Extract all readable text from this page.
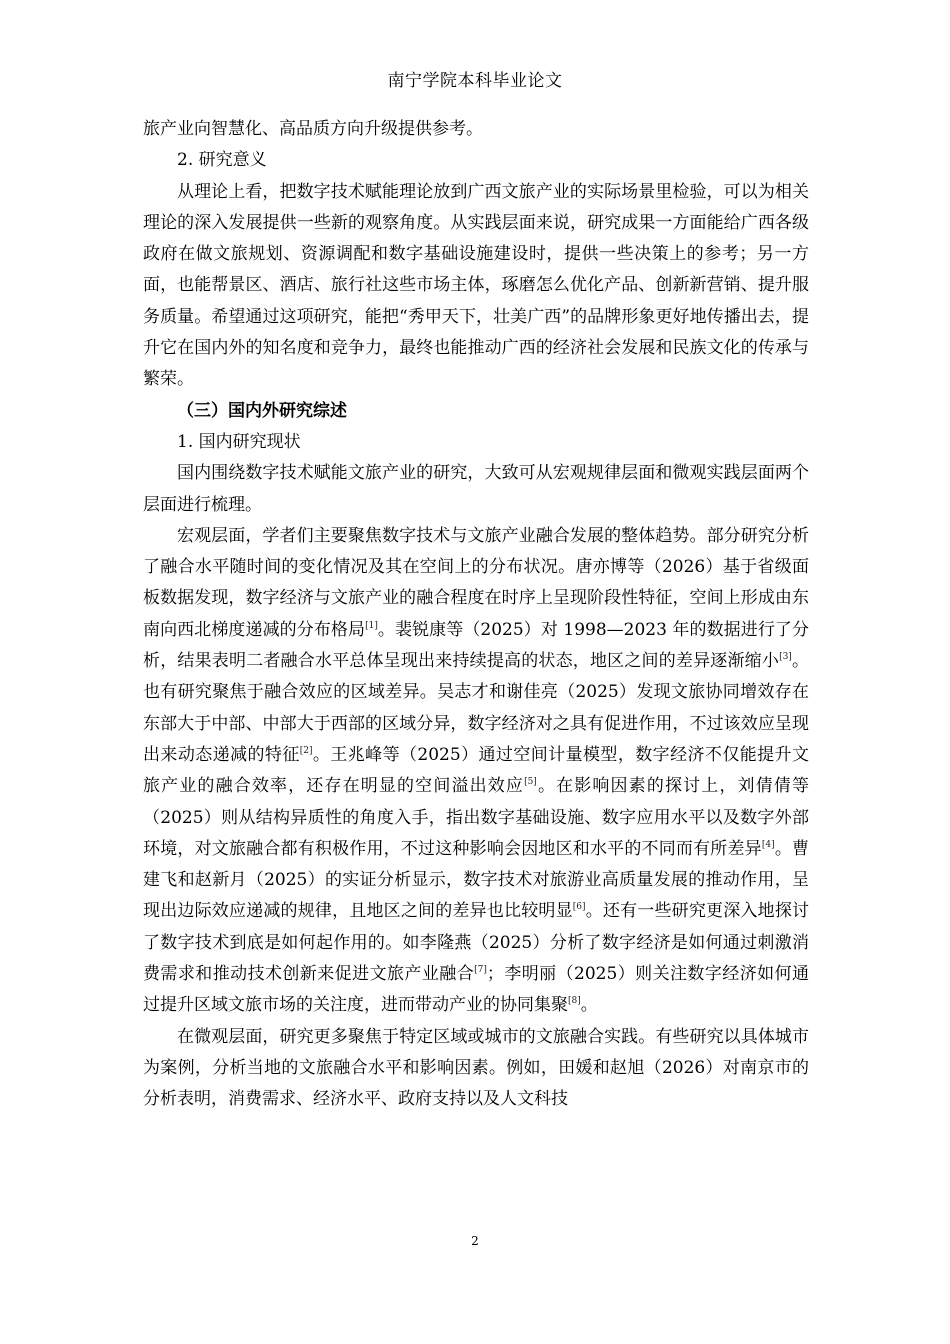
南宁学院本科毕业论文

旅产业向智慧化、高品质方向升级提供参考。

2. 研究意义

从理论上看，把数字技术赋能理论放到广西文旅产业的实际场景里检验，可以为相关理论的深入发展提供一些新的观察角度。从实践层面来说，研究成果一方面能给广西各级政府在做文旅规划、资源调配和数字基础设施建设时，提供一些决策上的参考；另一方面，也能帮景区、酒店、旅行社这些市场主体，琢磨怎么优化产品、创新新营销、提升服务质量。希望通过这项研究，能把“秀甲天下，壮美广西”的品牌形象更好地传播出去，提升它在国内外的知名度和竞争力，最终也能推动广西的经济社会发展和民族文化的传承与繁荣。

（三）国内外研究综述

1. 国内研究现状

国内围绕数字技术赋能文旅产业的研究，大致可从宏观规律层面和微观实践层面两个层面进行梳理。

宏观层面，学者们主要聚焦数字技术与文旅产业融合发展的整体趋势。部分研究分析了融合水平随时间的变化情况及其在空间上的分布状况。唐亦博等（2026）基于省级面板数据发现，数字经济与文旅产业的融合程度在时序上呈现阶段性特征，空间上形成由东南向西北梯度递减的分布格局[1]。裴锐康等（2025）对 1998—2023 年的数据进行了分析，结果表明二者融合水平总体呈现出来持续提高的状态，地区之间的差异逐渐缩小[3]。也有研究聚焦于融合效应的区域差异。吴志才和谢佳亮（2025）发现文旅协同增效存在东部大于中部、中部大于西部的区域分异，数字经济对之具有促进作用，不过该效应呈现出来动态递减的特征[2]。王兆峰等（2025）通过空间计量模型，数字经济不仅能提升文旅产业的融合效率，还存在明显的空间溢出效应[5]。在影响因素的探讨上，刘倩倩等（2025）则从结构异质性的角度入手，指出数字基础设施、数字应用水平以及数字外部环境，对文旅融合都有积极作用，不过这种影响会因地区和水平的不同而有所差异[4]。曹建飞和赵新月（2025）的实证分析显示，数字技术对旅游业高质量发展的推动作用，呈现出边际效应递减的规律，且地区之间的差异也比较明显[6]。还有一些研究更深入地探讨了数字技术到底是如何起作用的。如李隆燕（2025）分析了数字经济是如何通过刺激消费需求和推动技术创新来促进文旅产业融合[7]；李明丽（2025）则关注数字经济如何通过提升区域文旅市场的关注度，进而带动产业的协同集聚[8]。

在微观层面，研究更多聚焦于特定区域或城市的文旅融合实践。有些研究以具体城市为案例，分析当地的文旅融合水平和影响因素。例如，田媛和赵旭（2026）对南京市的分析表明，消费需求、经济水平、政府支持以及人文科技

2
